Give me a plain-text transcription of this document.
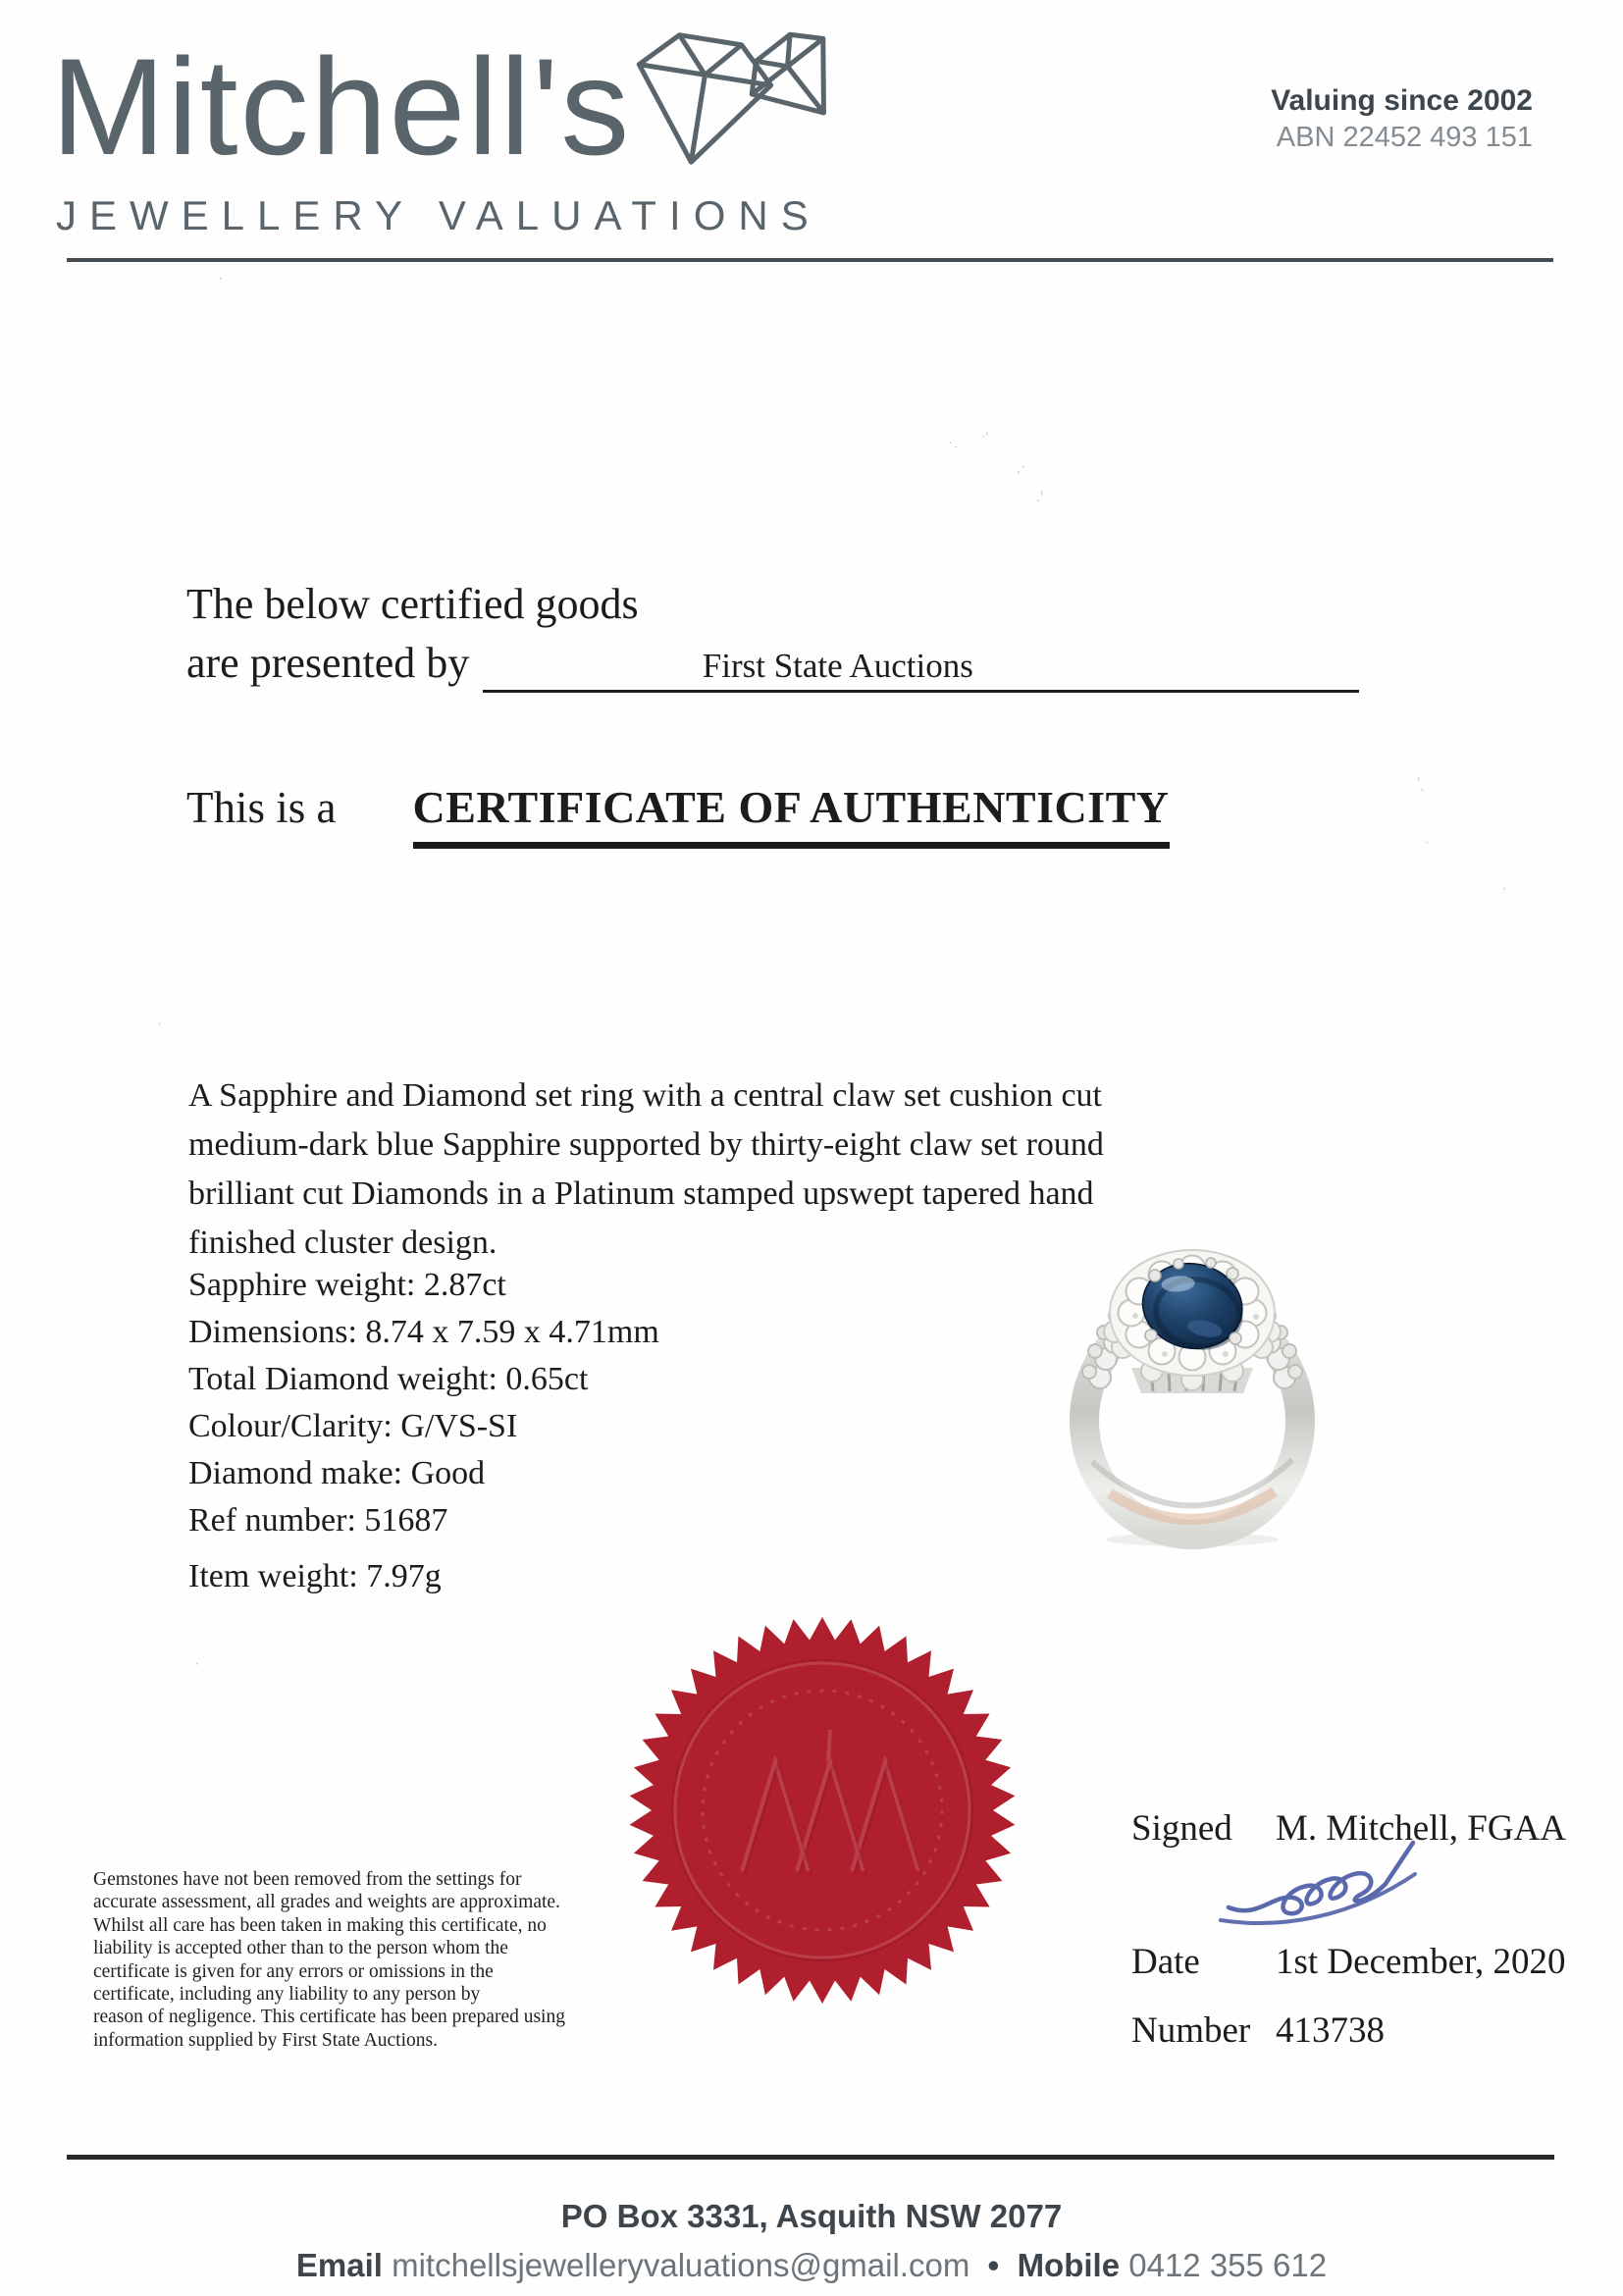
Mitchell's
JEWELLERY VALUATIONS
Valuing since 2002
ABN 22452 493 151
The below certified goods
are presented by	First State Auctions
This is a CERTIFICATE OF AUTHENTICITY
A Sapphire and Diamond set ring with a central claw set cushion cut
medium-dark blue Sapphire supported by thirty-eight claw set round
brilliant cut Diamonds in a Platinum stamped upswept tapered hand
finished cluster design.
Sapphire weight: 2.87ct
Dimensions: 8.74 x 7.59 x 4.71mm
Total Diamond weight: 0.65ct
Colour/Clarity: G/VS-SI
Diamond make: Good
Ref number: 51687
Item weight: 7.97g
Gemstones have not been removed from the settings for
accurate assessment, all grades and weights are approximate.
Whilst all care has been taken in making this certificate, no
liability is accepted other than to the person whom the
certificate is given for any errors or omissions in the
certificate, including any liability to any person by
reason of negligence. This certificate has been prepared using
information supplied by First State Auctions.
Signed	M. Mitchell, FGAA
Date	1st December, 2020
Number 413738
PO Box 3331, Asquith NSW 2077
Email mitchellsjewelleryvaluations@gmail.com • Mobile 0412 355 612
·
˙·
ˑ'
,·
.ꞌ
'ˏ
ˑ
·
ˈ
·
